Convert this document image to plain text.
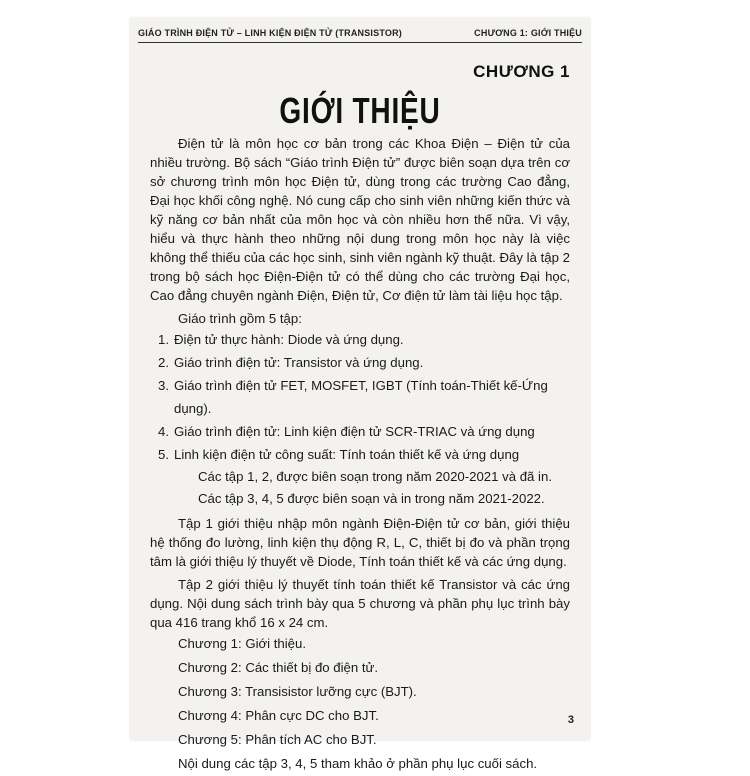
GIÁO TRÌNH ĐIỆN TỬ – LINH KIỆN ĐIỆN TỬ (TRANSISTOR)	CHƯƠNG 1: GIỚI THIỆU
CHƯƠNG 1
GIỚI THIỆU

Điện tử là môn học cơ bản trong các Khoa Điện – Điện tử của nhiều trường. Bộ sách “Giáo trình Điện tử” được biên soạn dựa trên cơ sở chương trình môn học Điện tử, dùng trong các trường Cao đẳng, Đại học khối công nghệ. Nó cung cấp cho sinh viên những kiến thức và kỹ năng cơ bản nhất của môn học và còn nhiều hơn thế nữa. Vì vậy, hiểu và thực hành theo những nội dung trong môn học này là việc không thể thiếu của các học sinh, sinh viên ngành kỹ thuật. Đây là tập 2 trong bộ sách học Điện-Điện tử có thể dùng cho các trường Đại học, Cao đẳng chuyên ngành Điện, Điện tử, Cơ điện tử làm tài liệu học tập.

Giáo trình gồm 5 tập:

1. Điện tử thực hành: Diode và ứng dụng.
2. Giáo trình điện tử: Transistor và ứng dụng.
3. Giáo trình điện tử FET, MOSFET, IGBT (Tính toán-Thiết kế-Ứng dụng).
4. Giáo trình điện tử: Linh kiện điện tử SCR-TRIAC và ứng dụng
5. Linh kiện điện tử công suất: Tính toán thiết kế và ứng dụng

Các tập 1, 2, được biên soạn trong năm 2020-2021 và đã in.

Các tập 3, 4, 5 được biên soạn và in trong năm 2021-2022.

Tập 1 giới thiệu nhập môn ngành Điện-Điện tử cơ bản, giới thiệu hệ thống đo lường, linh kiện thụ động R, L, C, thiết bị đo và phần trọng tâm là giới thiệu lý thuyết về Diode, Tính toán thiết kế và các ứng dụng.

Tập 2 giới thiệu lý thuyết tính toán thiết kế Transistor và các ứng dụng. Nội dung sách trình bày qua 5 chương và phần phụ lục trình bày qua 416 trang khổ 16 x 24 cm.

Chương 1: Giới thiệu.

Chương 2: Các thiết bị đo điện tử.

Chương 3: Transisistor lưỡng cực (BJT).

Chương 4: Phân cực DC cho BJT.

Chương 5: Phân tích AC cho BJT.

Nội dung các tập 3, 4, 5 tham khảo ở phần phụ lục cuối sách.

3
